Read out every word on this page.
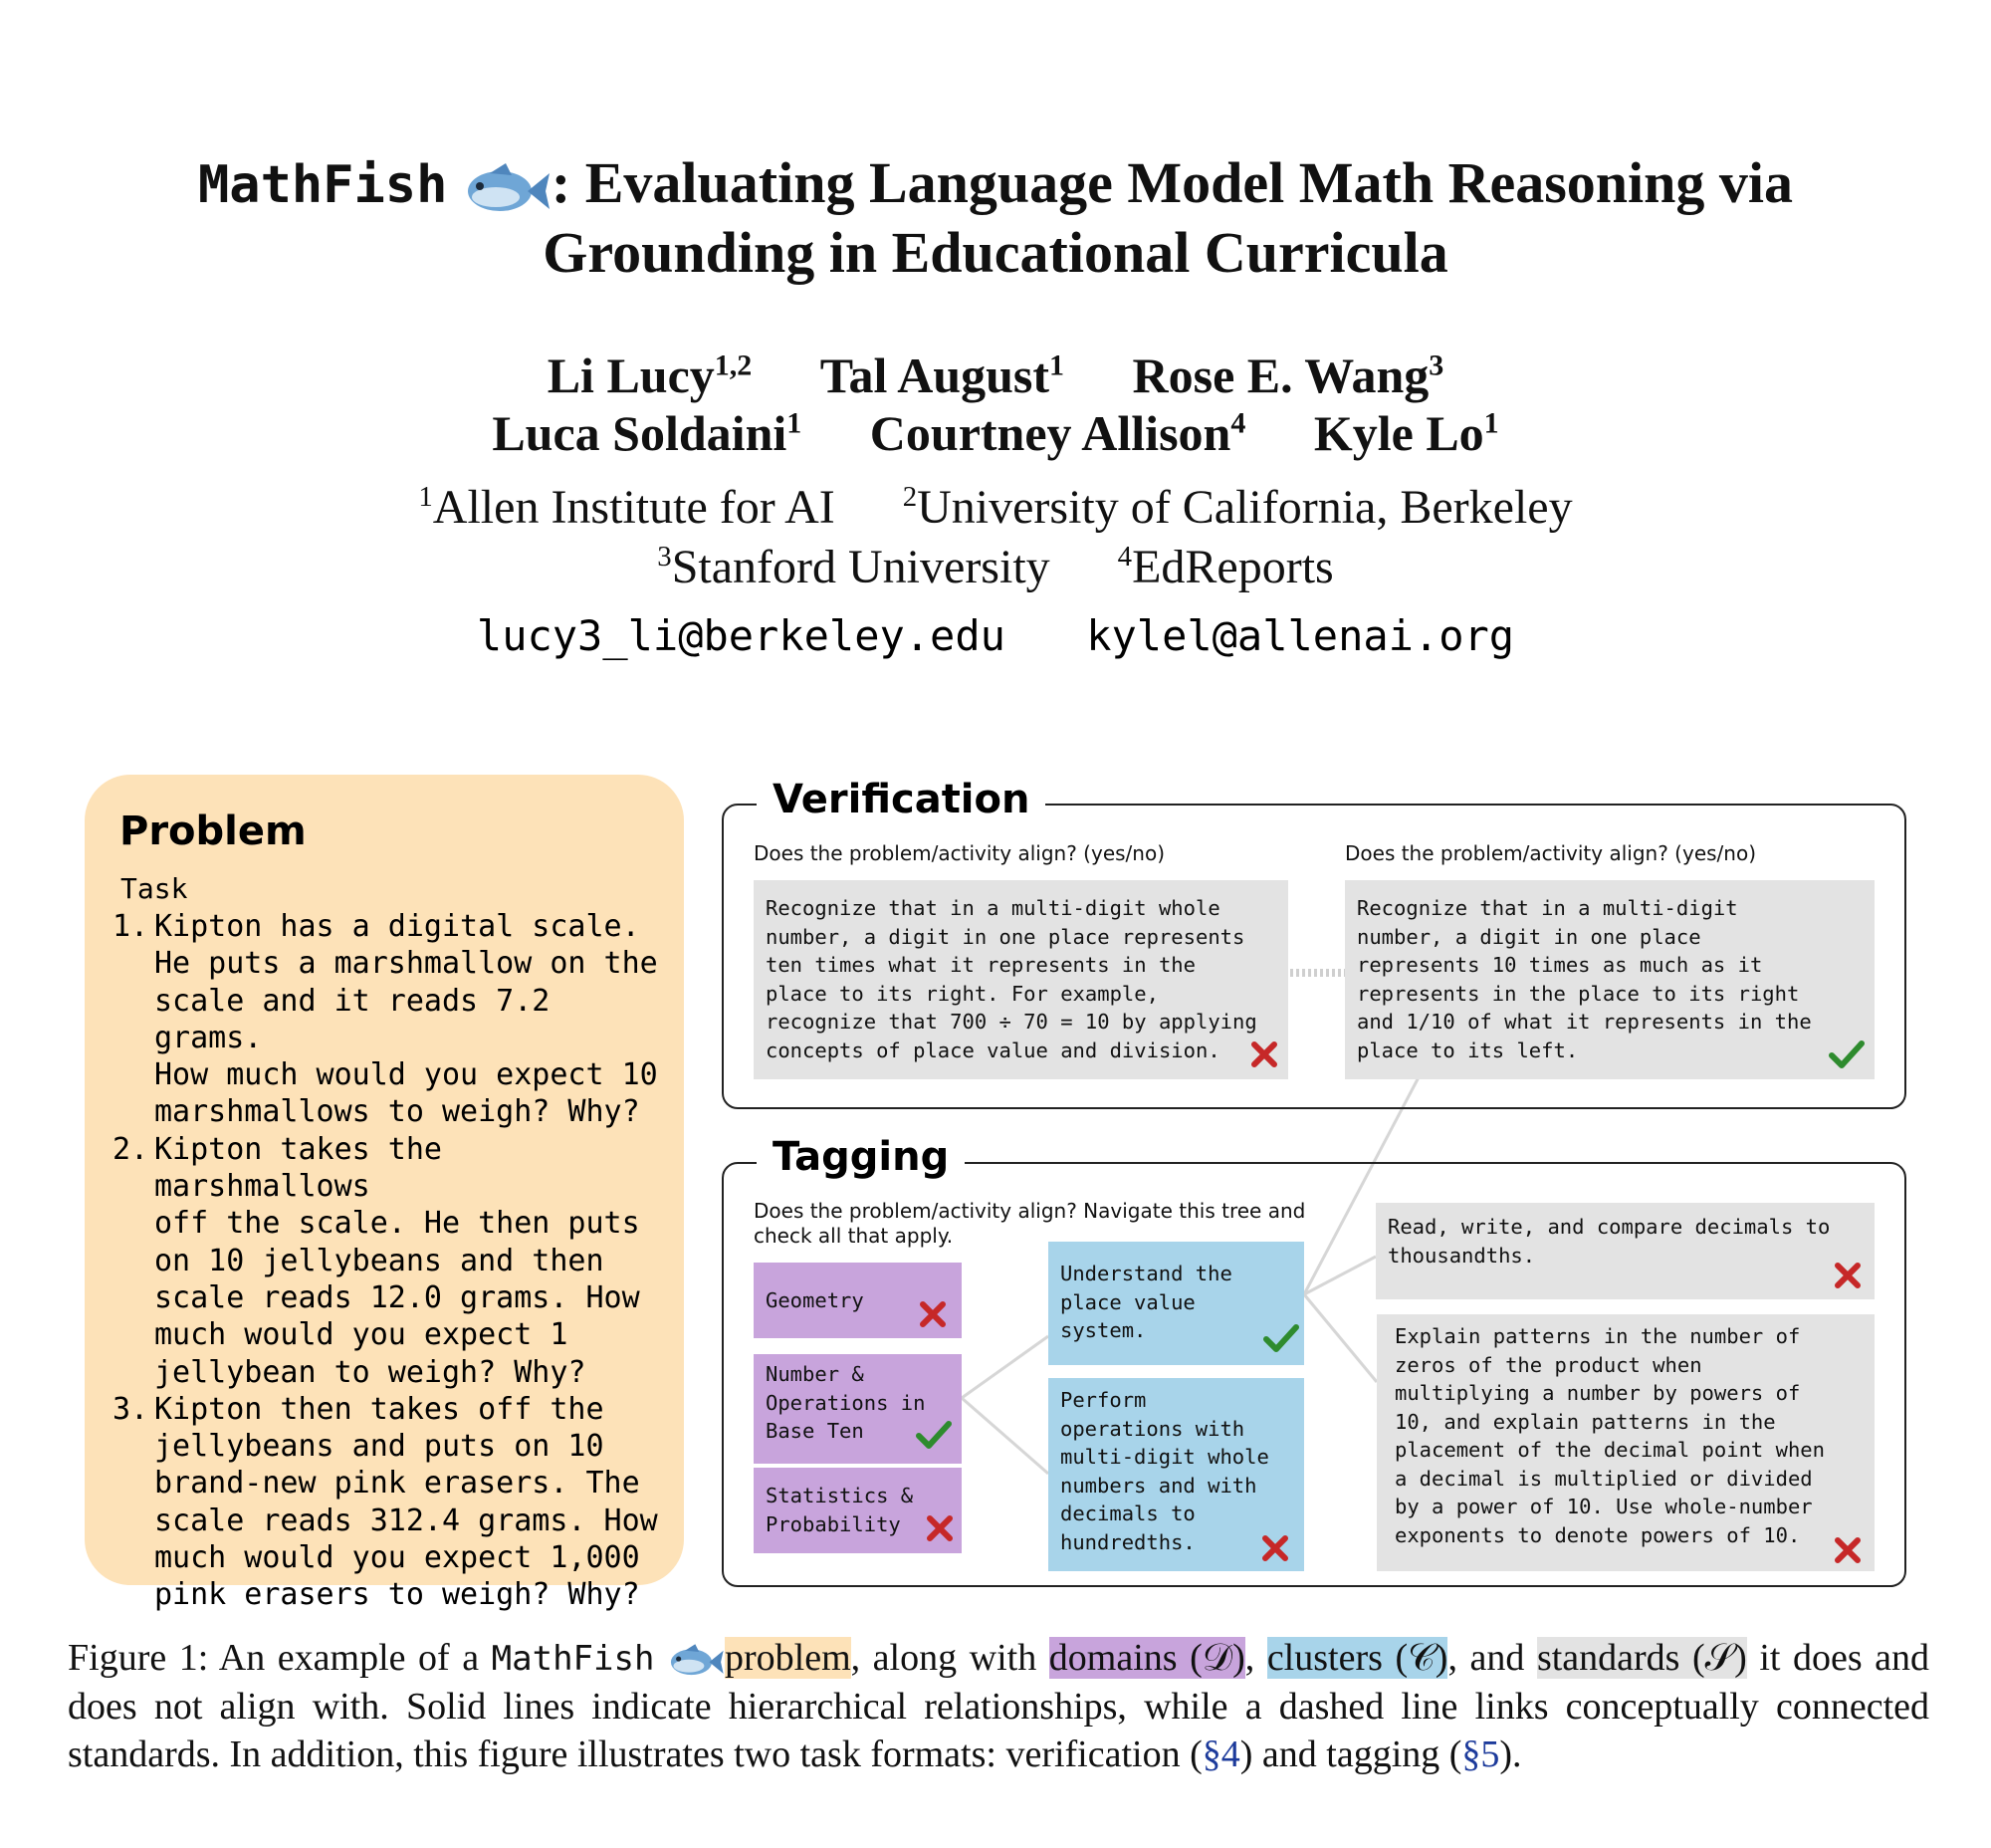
MathFish : Evaluating Language Model Math Reasoning via
Grounding in Educational Curricula
Li Lucy$^{1,2}$ Tal August$^1$ Rose E. Wang$^3$
Luca Soldaini$^1$ Courtney Allison$^4$ Kyle Lo$^1$
$^1$Allen Institute for AI $^2$University of California, Berkeley
$^3$Stanford University $^4$EdReports
lucy3_li@berkeley.edu kylel@allenai.org
Problem
Task
1. Kipton has a digital scale.
He puts a marshmallow on the
scale and it reads 7.2 grams.
How much would you expect 10
marshmallows to weigh? Why?
2. Kipton takes the marshmallows
off the scale. He then puts
on 10 jellybeans and then
scale reads 12.0 grams. How
much would you expect 1
jellybean to weigh? Why?
3. Kipton then takes off the
jellybeans and puts on 10
brand-new pink erasers. The
scale reads 312.4 grams. How
much would you expect 1,000
pink erasers to weigh? Why?
Verification
Does the problem/activity align? (yes/no)	Does the problem/activity align? (yes/no)
Recognize that in a multi-digit whole
number, a digit in one place represents
ten times what it represents in the
place to its right. For example,
recognize that 700 ÷ 70 = 10 by applying
concepts of place value and division.
Recognize that in a multi-digit
number, a digit in one place
represents 10 times as much as it
represents in the place to its right
and 1/10 of what it represents in the
place to its left.
Tagging
Does the problem/activity align? Navigate this tree and
check all that apply.
Geometry
Number &
Operations in
Base Ten
Statistics &
Probability
Understand the
place value
system.
Perform
operations with
multi-digit whole
numbers and with
decimals to
hundredths.
Read, write, and compare decimals to
thousandths.
Explain patterns in the number of
zeros of the product when
multiplying a number by powers of
10, and explain patterns in the
placement of the decimal point when
a decimal is multiplied or divided
by a power of 10. Use whole-number
exponents to denote powers of 10.
Figure 1: An example of a MathFish problem, along with domains (𝒟), clusters (𝒞), and standards (𝒮) it does and does not align with. Solid lines indicate hierarchical relationships, while a dashed line links conceptually connected standards. In addition, this figure illustrates two task formats: verification (§4) and tagging (§5).
